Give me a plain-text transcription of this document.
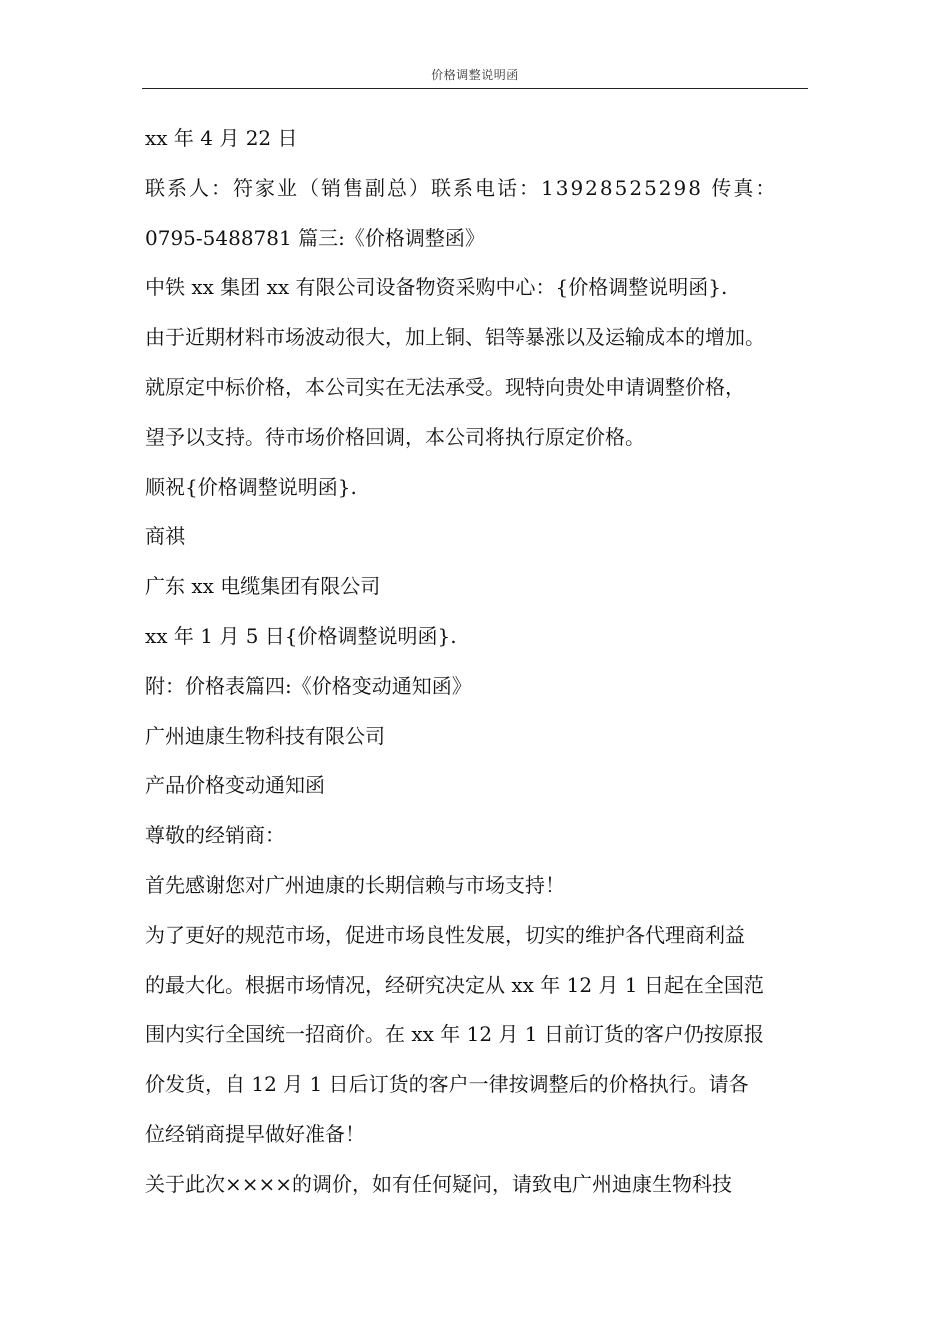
价格调整说明函
xx 年 4 月 22 日
联系人：符家业（销售副总）联系电话：13928525298 传真：
0795-5488781 篇三:《价格调整函》
中铁 xx 集团 xx 有限公司设备物资采购中心：{价格调整说明函}.
由于近期材料市场波动很大，加上铜、铝等暴涨以及运输成本的增加。
就原定中标价格，本公司实在无法承受。现特向贵处申请调整价格，
望予以支持。待市场价格回调，本公司将执行原定价格。
顺祝{价格调整说明函}.
商祺
广东 xx 电缆集团有限公司
xx 年 1 月 5 日{价格调整说明函}.
附：价格表篇四:《价格变动通知函》
广州迪康生物科技有限公司
产品价格变动通知函
尊敬的经销商：
首先感谢您对广州迪康的长期信赖与市场支持！
为了更好的规范市场，促进市场良性发展，切实的维护各代理商利益
的最大化。根据市场情况，经研究决定从 xx 年 12 月 1 日起在全国范
围内实行全国统一招商价。在 xx 年 12 月 1 日前订货的客户仍按原报
价发货，自 12 月 1 日后订货的客户一律按调整后的价格执行。请各
位经销商提早做好准备！
关于此次××××的调价，如有任何疑问，请致电广州迪康生物科技
